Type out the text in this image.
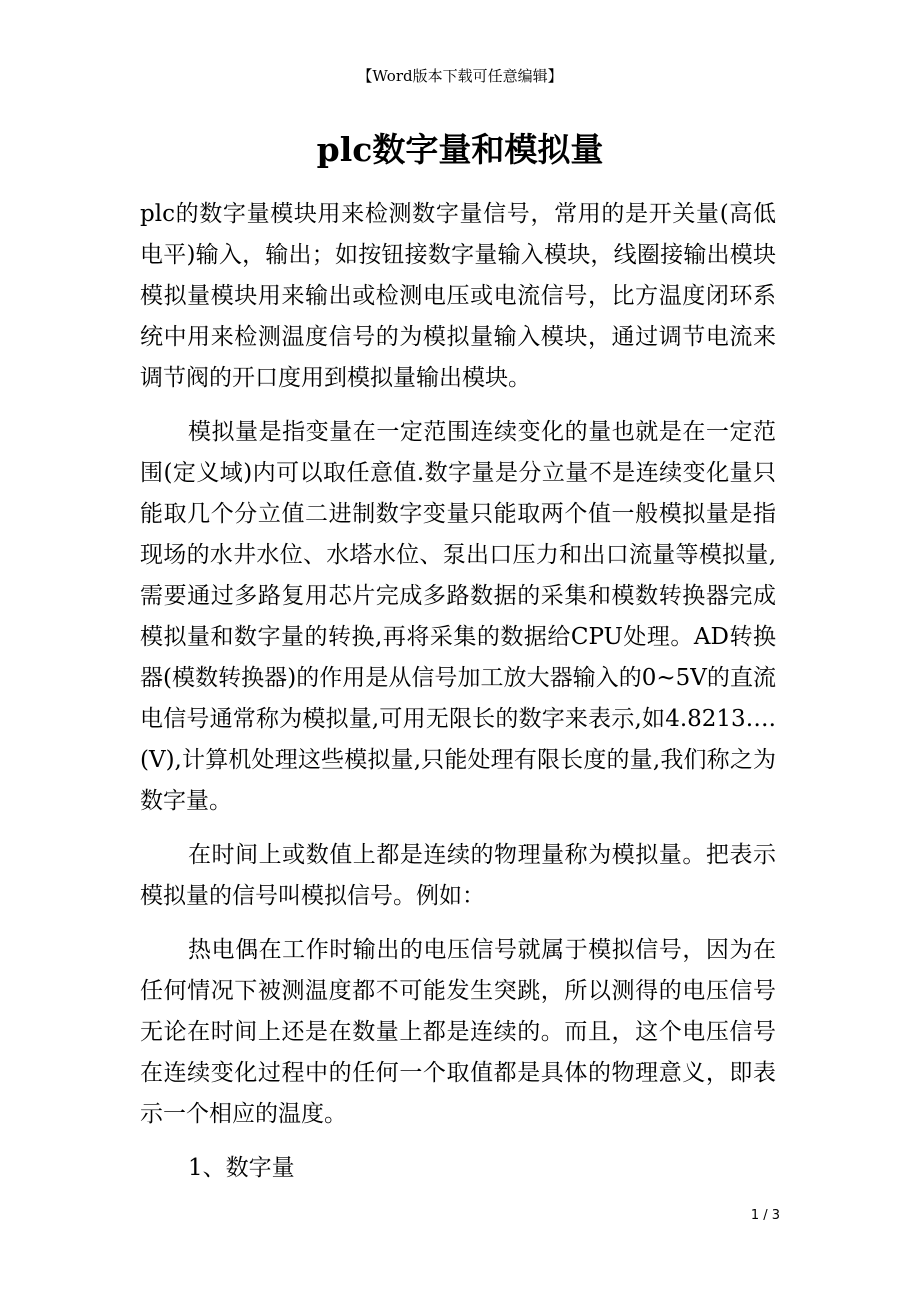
【Word版本下载可任意编辑】
plc数字量和模拟量

plc的数字量模块用来检测数字量信号，常用的是开关量(高低电平)输入，输出；如按钮接数字量输入模块，线圈接输出模块模拟量模块用来输出或检测电压或电流信号，比方温度闭环系统中用来检测温度信号的为模拟量输入模块，通过调节电流来调节阀的开口度用到模拟量输出模块。

模拟量是指变量在一定范围连续变化的量也就是在一定范围(定义域)内可以取任意值.数字量是分立量不是连续变化量只能取几个分立值二进制数字变量只能取两个值一般模拟量是指现场的水井水位、水塔水位、泵出口压力和出口流量等模拟量,需要通过多路复用芯片完成多路数据的采集和模数转换器完成模拟量和数字量的转换,再将采集的数据给CPU处理。AD转换器(模数转换器)的作用是从信号加工放大器输入的0~5V的直流电信号通常称为模拟量,可用无限长的数字来表示,如4.8213….(V),计算机处理这些模拟量,只能处理有限长度的量,我们称之为数字量。

在时间上或数值上都是连续的物理量称为模拟量。把表示模拟量的信号叫模拟信号。例如：

热电偶在工作时输出的电压信号就属于模拟信号，因为在任何情况下被测温度都不可能发生突跳，所以测得的电压信号无论在时间上还是在数量上都是连续的。而且，这个电压信号在连续变化过程中的任何一个取值都是具体的物理意义，即表示一个相应的温度。

1、数字量

1 / 3
